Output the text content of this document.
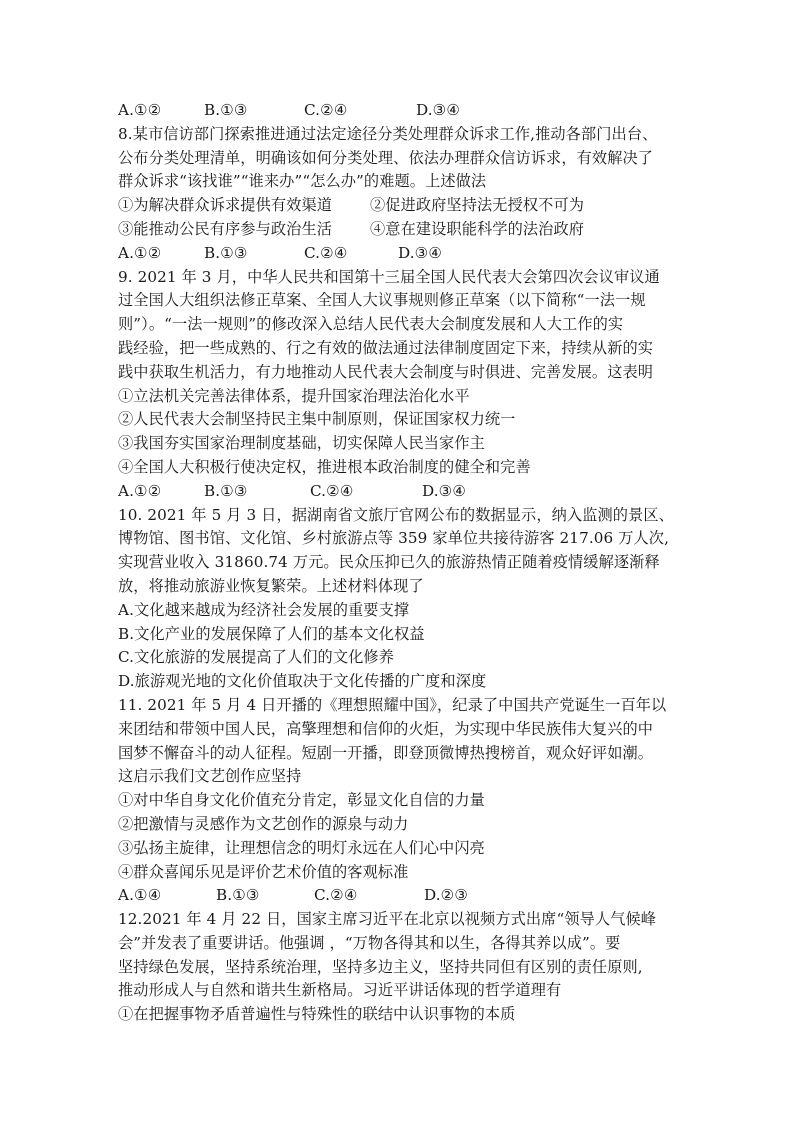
A.①②	B.①③	C.②④	D.③④
8.某市信访部门探索推进通过法定途径分类处理群众诉求工作,推动各部门出台、
公布分类处理清单，明确该如何分类处理、依法办理群众信访诉求，有效解决了
群众诉求“该找谁”“谁来办”“怎么办”的难题。上述做法
①为解决群众诉求提供有效渠道	②促进政府坚持法无授权不可为
③能推动公民有序参与政治生活	④意在建设职能科学的法治政府
A.①②	B.①③	C.②④	D.③④
9. 2021 年 3 月，中华人民共和国第十三届全国人民代表大会第四次会议审议通
过全国人大组织法修正草案、全国人大议事规则修正草案（以下简称“一法一规
则”）。“一法一规则”的修改深入总结人民代表大会制度发展和人大工作的实
践经验，把一些成熟的、行之有效的做法通过法律制度固定下来，持续从新的实
践中获取生机活力，有力地推动人民代表大会制度与时俱进、完善发展。这表明
①立法机关完善法律体系，提升国家治理法治化水平
②人民代表大会制坚持民主集中制原则，保证国家权力统一
③我国夯实国家治理制度基础，切实保障人民当家作主
④全国人大积极行使决定权，推进根本政治制度的健全和完善
A.①②	B.①③	C.②④	D.③④
10. 2021 年 5 月 3 日，据湖南省文旅厅官网公布的数据显示，纳入监测的景区、
博物馆、图书馆、文化馆、乡村旅游点等 359 家单位共接待游客 217.06 万人次,
实现营业收入 31860.74 万元。民众压抑已久的旅游热情正随着疫情缓解逐渐释
放，将推动旅游业恢复繁荣。上述材料体现了
A.文化越来越成为经济社会发展的重要支撑
B.文化产业的发展保障了人们的基本文化权益
C.文化旅游的发展提高了人们的文化修养
D.旅游观光地的文化价值取决于文化传播的广度和深度
11. 2021 年 5 月 4 日开播的《理想照耀中国》，纪录了中国共产党诞生一百年以
来团结和带领中国人民，高擎理想和信仰的火炬，为实现中华民族伟大复兴的中
国梦不懈奋斗的动人征程。短剧一开播，即登顶微博热搜榜首，观众好评如潮。
这启示我们文艺创作应坚持
①对中华自身文化价值充分肯定，彰显文化自信的力量
②把激情与灵感作为文艺创作的源泉与动力
③弘扬主旋律，让理想信念的明灯永远在人们心中闪亮
④群众喜闻乐见是评价艺术价值的客观标准
A.①④	B.①③	C.②④	D.②③
12.2021 年 4 月 22 日，国家主席习近平在北京以视频方式出席“领导人气候峰
会”并发表了重要讲话。他强调 ，“万物各得其和以生，各得其养以成”。要
坚持绿色发展，坚持系统治理，坚持多边主义，坚持共同但有区别的责任原则,
推动形成人与自然和谐共生新格局。习近平讲话体现的哲学道理有
①在把握事物矛盾普遍性与特殊性的联结中认识事物的本质
